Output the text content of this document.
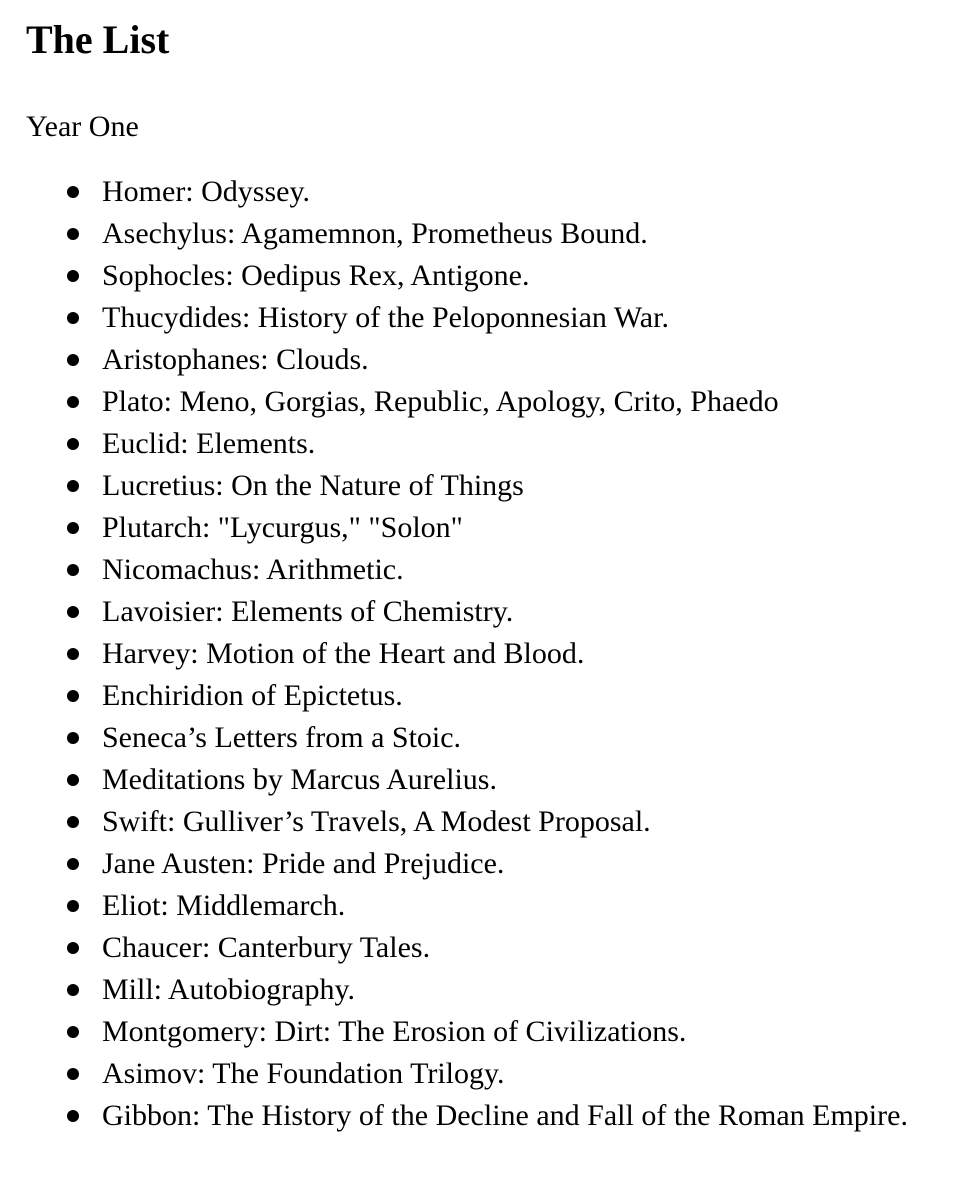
The List

Year One

Homer: Odyssey.
Asechylus: Agamemnon, Prometheus Bound.
Sophocles: Oedipus Rex, Antigone.
Thucydides: History of the Peloponnesian War.
Aristophanes: Clouds.
Plato: Meno, Gorgias, Republic, Apology, Crito, Phaedo
Euclid: Elements.
Lucretius: On the Nature of Things
Plutarch: "Lycurgus," "Solon"
Nicomachus: Arithmetic.
Lavoisier: Elements of Chemistry.
Harvey: Motion of the Heart and Blood.
Enchiridion of Epictetus.
Seneca’s Letters from a Stoic.
Meditations by Marcus Aurelius.
Swift: Gulliver’s Travels, A Modest Proposal.
Jane Austen: Pride and Prejudice.
Eliot: Middlemarch.
Chaucer: Canterbury Tales.
Mill: Autobiography.
Montgomery: Dirt: The Erosion of Civilizations.
Asimov: The Foundation Trilogy.
Gibbon: The History of the Decline and Fall of the Roman Empire.
